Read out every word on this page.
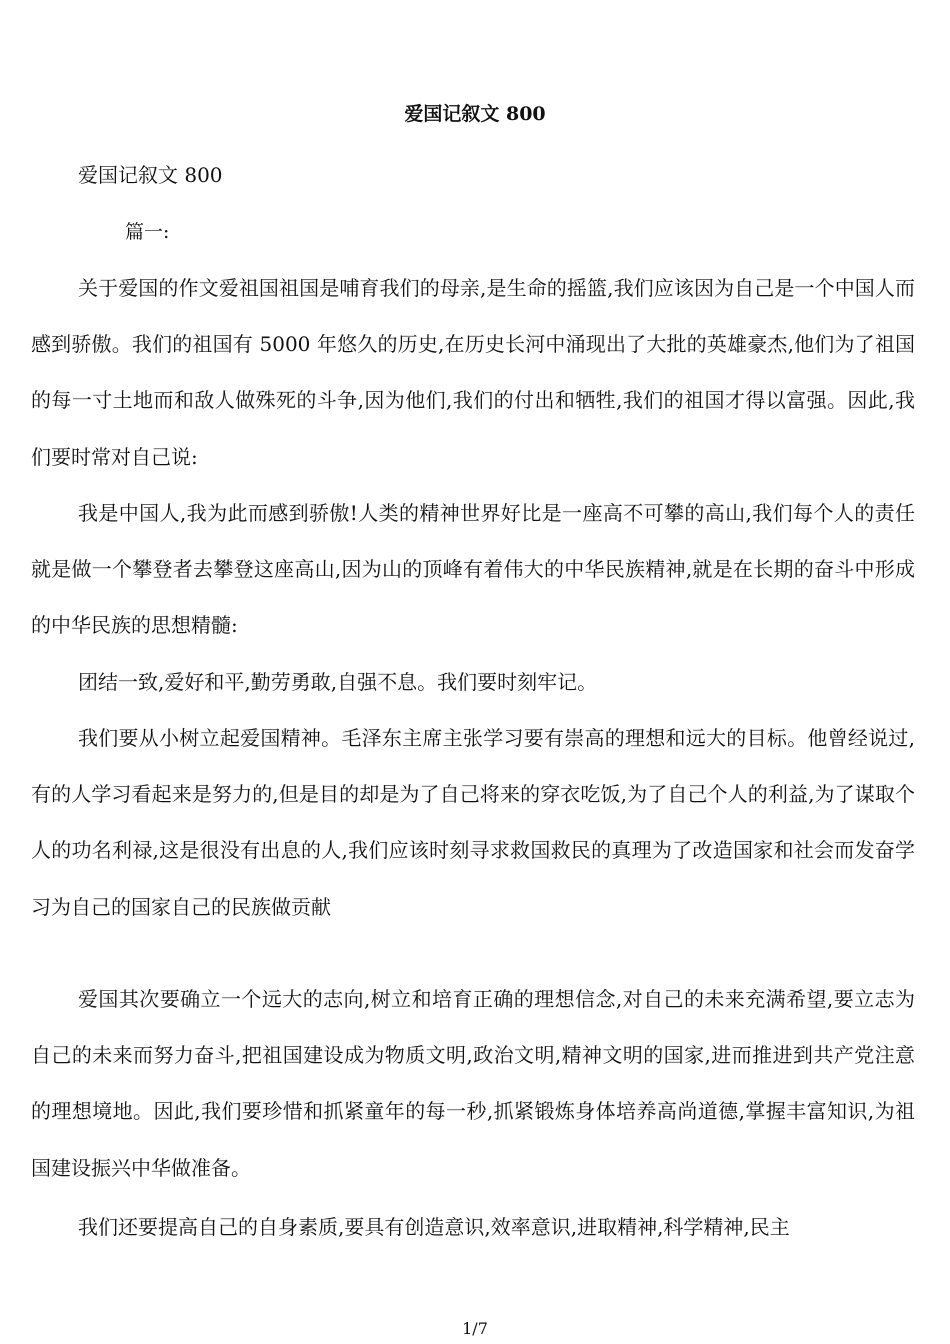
爱国记叙文 800
爱国记叙文 800
篇一:

关于爱国的作文爱祖国祖国是哺育我们的母亲,是生命的摇篮,我们应该因为自己是一个中国人而感到骄傲。我们的祖国有 5000 年悠久的历史,在历史长河中涌现出了大批的英雄豪杰,他们为了祖国的每一寸土地而和敌人做殊死的斗争,因为他们,我们的付出和牺牲,我们的祖国才得以富强。因此,我们要时常对自己说:

我是中国人,我为此而感到骄傲!人类的精神世界好比是一座高不可攀的高山,我们每个人的责任就是做一个攀登者去攀登这座高山,因为山的顶峰有着伟大的中华民族精神,就是在长期的奋斗中形成的中华民族的思想精髓:

团结一致,爱好和平,勤劳勇敢,自强不息。我们要时刻牢记。

我们要从小树立起爱国精神。毛泽东主席主张学习要有崇高的理想和远大的目标。他曾经说过,有的人学习看起来是努力的,但是目的却是为了自己将来的穿衣吃饭,为了自己个人的利益,为了谋取个人的功名利禄,这是很没有出息的人,我们应该时刻寻求救国救民的真理为了改造国家和社会而发奋学习为自己的国家自己的民族做贡献

爱国其次要确立一个远大的志向,树立和培育正确的理想信念,对自己的未来充满希望,要立志为自己的未来而努力奋斗,把祖国建设成为物质文明,政治文明,精神文明的国家,进而推进到共产党注意的理想境地。因此,我们要珍惜和抓紧童年的每一秒,抓紧锻炼身体培养高尚道德,掌握丰富知识,为祖国建设振兴中华做准备。

我们还要提高自己的自身素质,要具有创造意识,效率意识,进取精神,科学精神,民主

1/7
